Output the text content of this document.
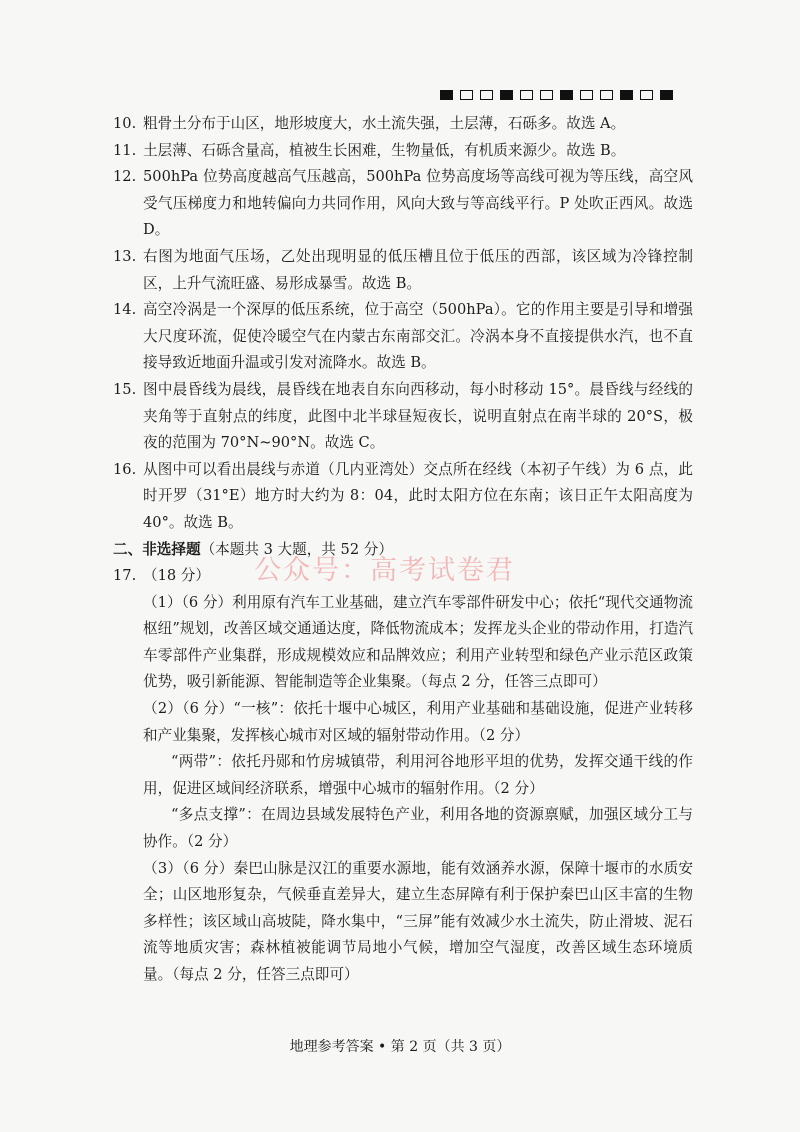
10. 粗骨土分布于山区，地形坡度大，水土流失强，土层薄，石砾多。故选 A。
11. 土层薄、石砾含量高，植被生长困难，生物量低，有机质来源少。故选 B。
12. 500hPa 位势高度越高气压越高，500hPa 位势高度场等高线可视为等压线，高空风受气压梯度力和地转偏向力共同作用，风向大致与等高线平行。P 处吹正西风。故选 D。
13. 右图为地面气压场，乙处出现明显的低压槽且位于低压的西部，该区域为冷锋控制区，上升气流旺盛、易形成暴雪。故选 B。
14. 高空冷涡是一个深厚的低压系统，位于高空（500hPa）。它的作用主要是引导和增强大尺度环流，促使冷暖空气在内蒙古东南部交汇。冷涡本身不直接提供水汽，也不直接导致近地面升温或引发对流降水。故选 B。
15. 图中晨昏线为晨线，晨昏线在地表自东向西移动，每小时移动 15°。晨昏线与经线的夹角等于直射点的纬度，此图中北半球昼短夜长，说明直射点在南半球的 20°S，极夜的范围为 70°N~90°N。故选 C。
16. 从图中可以看出晨线与赤道（几内亚湾处）交点所在经线（本初子午线）为 6 点，此时开罗（31°E）地方时大约为 8：04，此时太阳方位在东南；该日正午太阳高度为 40°。故选 B。
二、非选择题 （本题共 3 大题，共 52 分）
17. （18 分）
（1）（6 分）利用原有汽车工业基础，建立汽车零部件研发中心；依托“现代交通物流枢纽”规划，改善区域交通通达度，降低物流成本；发挥龙头企业的带动作用，打造汽车零部件产业集群，形成规模效应和品牌效应；利用产业转型和绿色产业示范区政策优势，吸引新能源、智能制造等企业集聚。（每点 2 分，任答三点即可）
（2）（6 分）“一核”：依托十堰中心城区，利用产业基础和基础设施，促进产业转移和产业集聚，发挥核心城市对区域的辐射带动作用。（2 分）
“两带”：依托丹郧和竹房城镇带，利用河谷地形平坦的优势，发挥交通干线的作用，促进区域间经济联系，增强中心城市的辐射作用。（2 分）
“多点支撑”：在周边县域发展特色产业，利用各地的资源禀赋，加强区域分工与协作。（2 分）
（3）（6 分）秦巴山脉是汉江的重要水源地，能有效涵养水源，保障十堰市的水质安全；山区地形复杂，气候垂直差异大，建立生态屏障有利于保护秦巴山区丰富的生物多样性；该区域山高坡陡，降水集中，“三屏”能有效减少水土流失，防止滑坡、泥石流等地质灾害；森林植被能调节局地小气候，增加空气湿度，改善区域生态环境质量。（每点 2 分，任答三点即可）
公众号：高考试卷君
地理参考答案 • 第 2 页（共 3 页）
